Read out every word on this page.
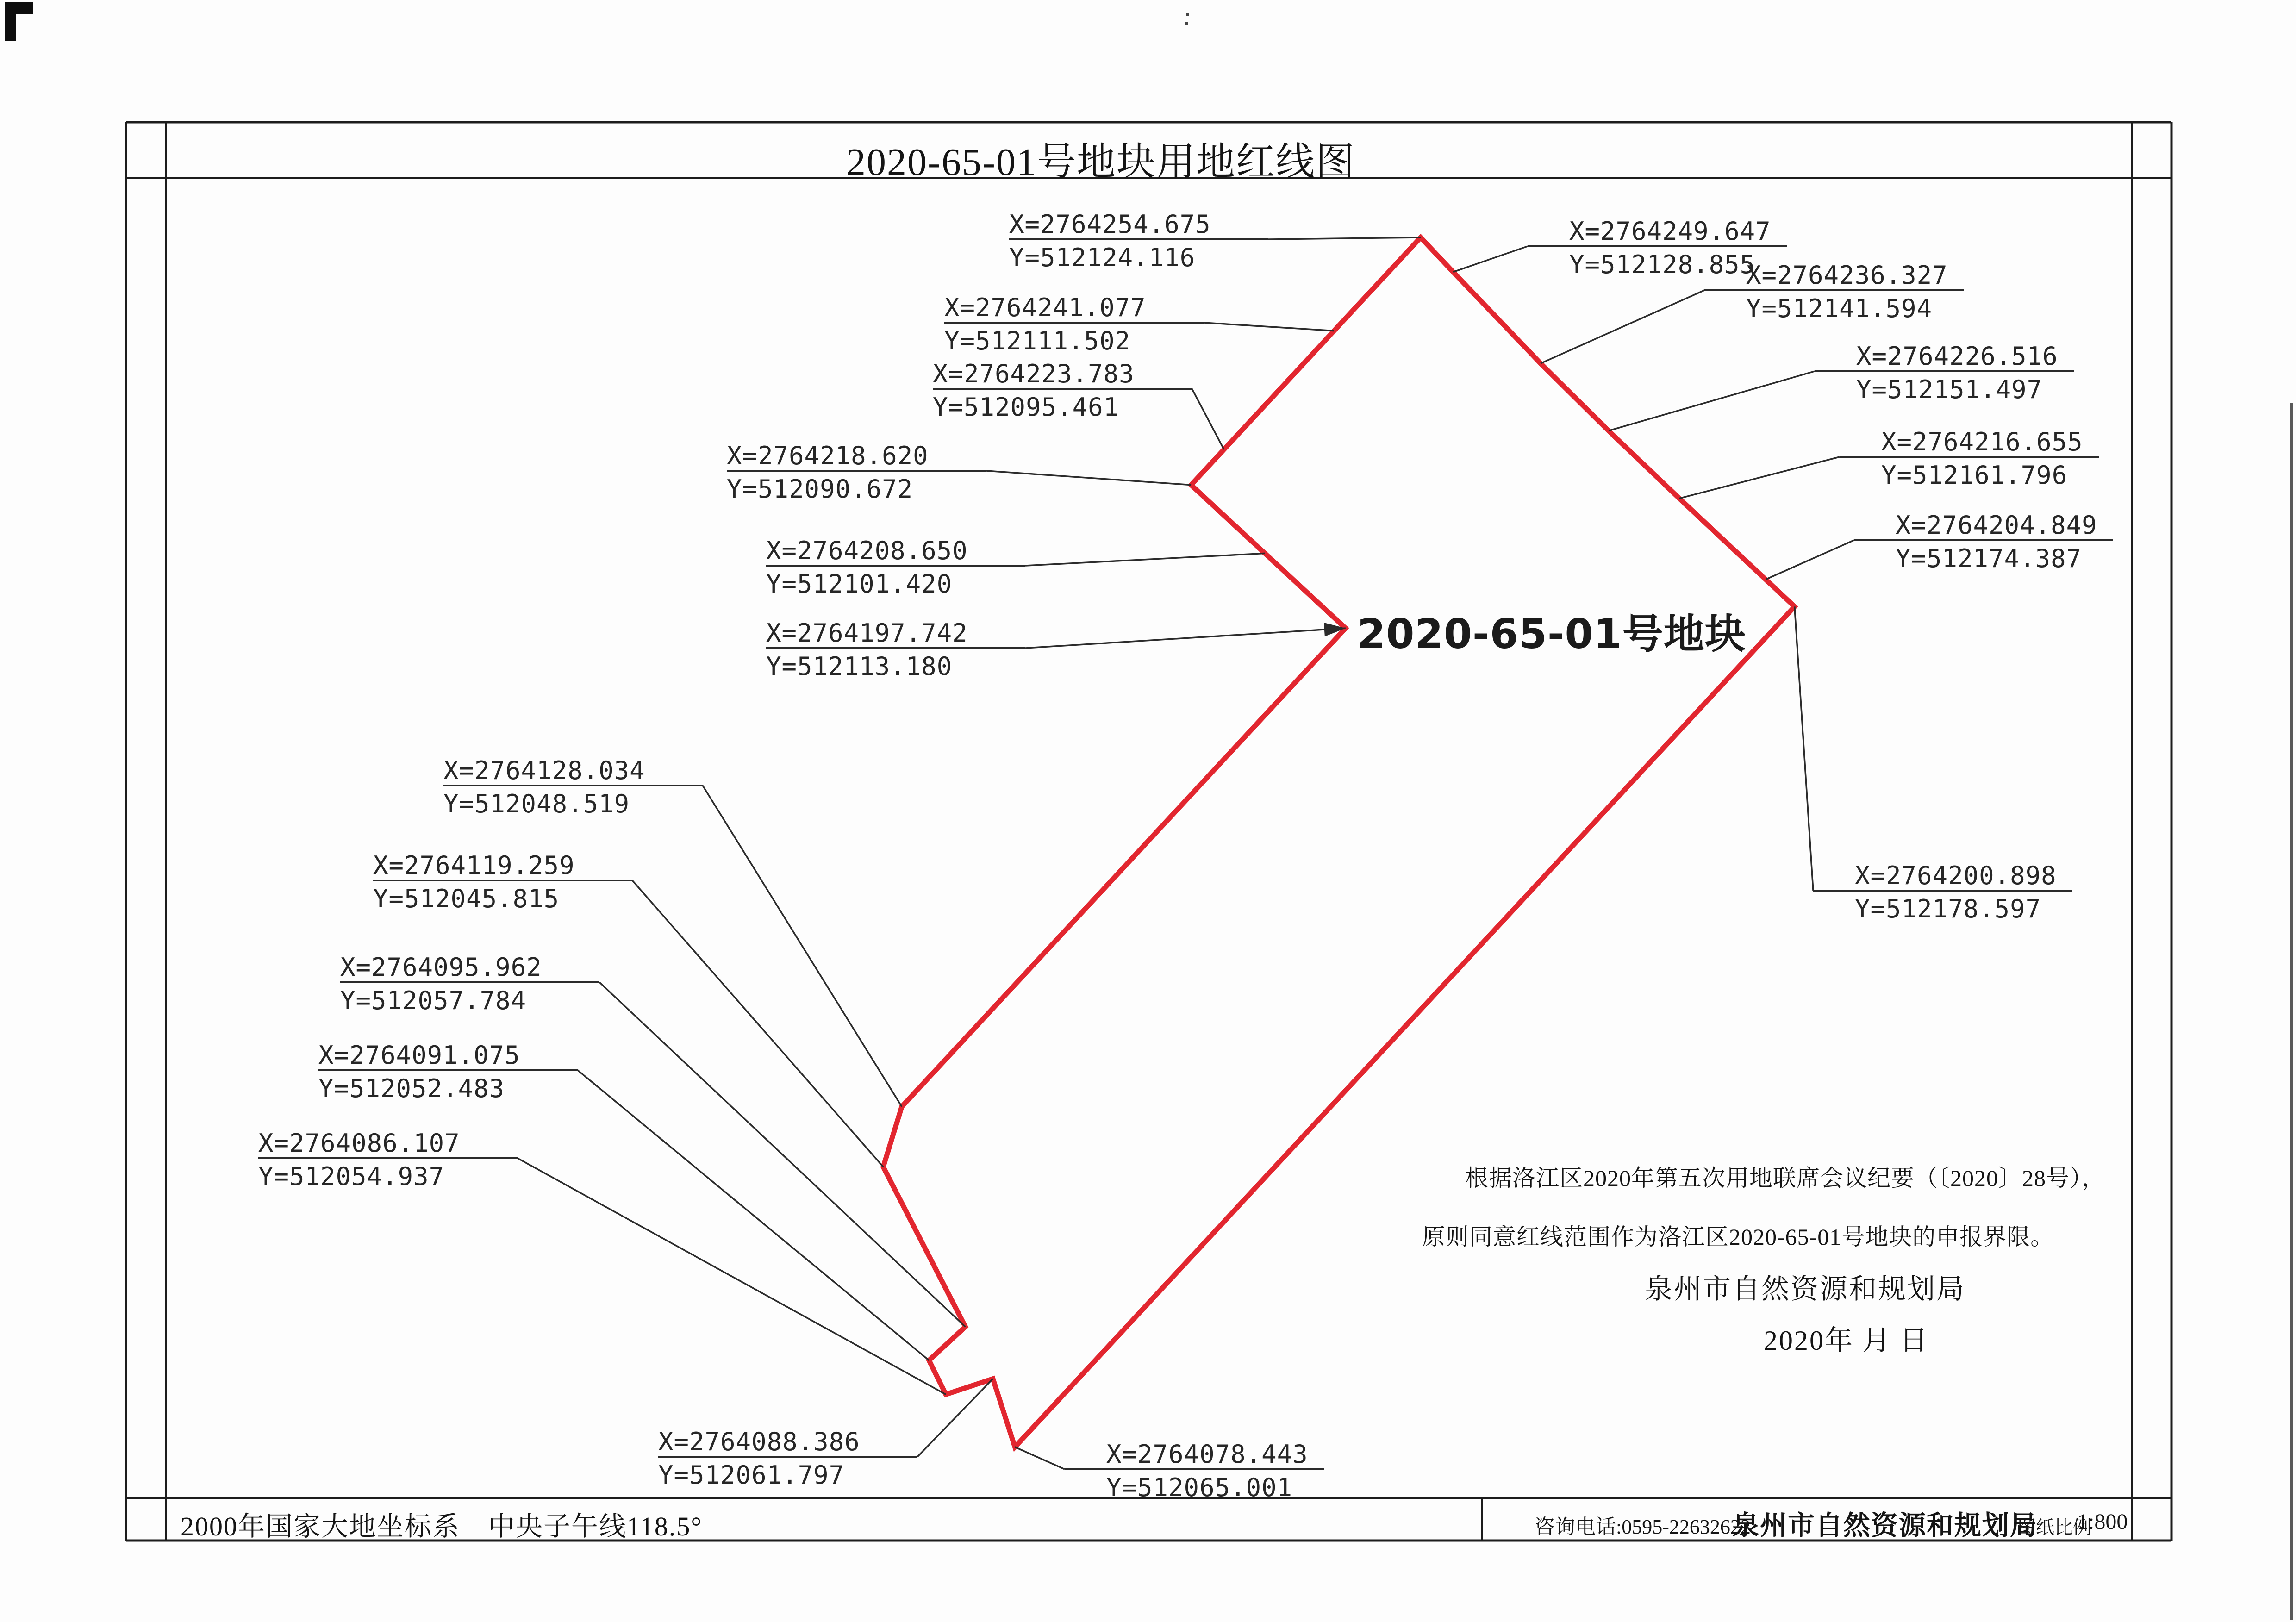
X=2764254.675
Y=512124.116
X=2764241.077
Y=512111.502
X=2764223.783
Y=512095.461
X=2764218.620
Y=512090.672
X=2764208.650
Y=512101.420
X=2764197.742
Y=512113.180
X=2764128.034
Y=512048.519
X=2764119.259
Y=512045.815
X=2764095.962
Y=512057.784
X=2764091.075
Y=512052.483
X=2764086.107
Y=512054.937
X=2764088.386
Y=512061.797
X=2764249.647
Y=512128.855
X=2764236.327
Y=512141.594
X=2764226.516
Y=512151.497
X=2764216.655
Y=512161.796
X=2764204.849
Y=512174.387
X=2764200.898
Y=512178.597
X=2764078.443
Y=512065.001
2020-65-01号地块用地红线图
2020-65-01号地块
根据洛江区2020年第五次用地联席会议纪要（〔2020〕28号），
原则同意红线范围作为洛江区2020-65-01号地块的申报界限。
泉州市自然资源和规划局
2020年 月 日
2000年国家大地坐标系　中央子午线118.5°	咨询电话:0595-22632622
泉州市自然资源和规划局
图纸比例
1:800
